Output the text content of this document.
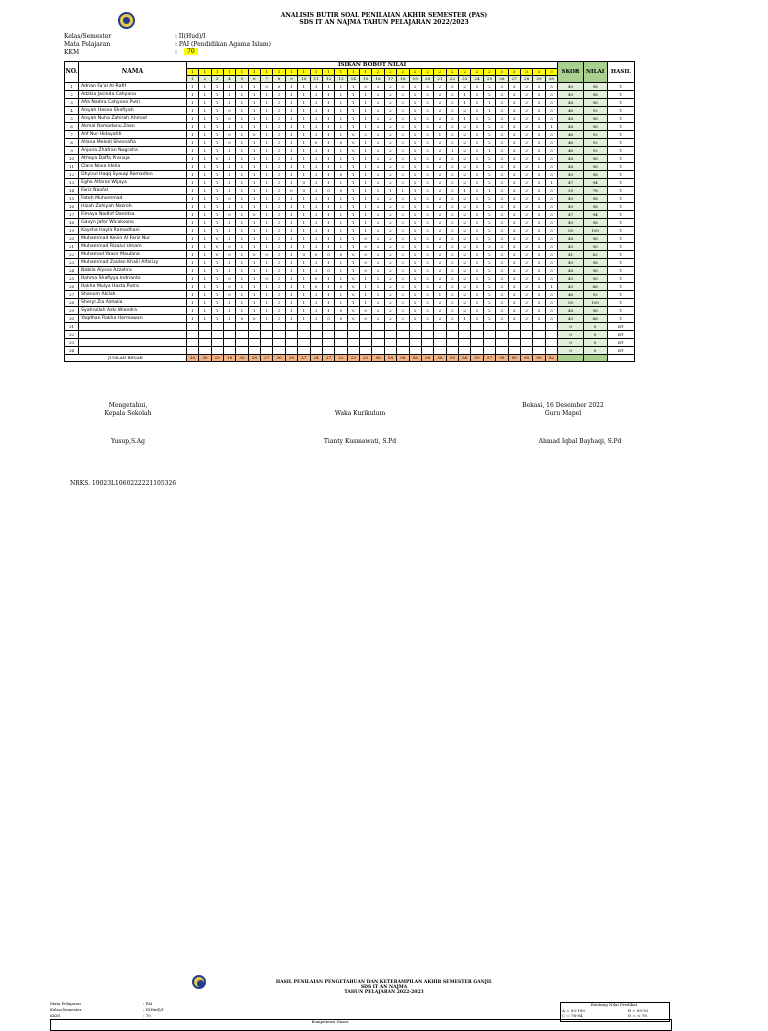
ANALISIS BUTIR SOAL PENILAIAN AKHIR SEMESTER (PAS)
SDS IT AN NAJMA TAHUN PELAJARAN 2022/2023
Kelas/Semester	: II(Hud)/I
Mata Pelajaran	: PAI (Pendidikan Agama Islam)
KKM	:	70
NO.	NAMA	ISIKAN BOBOT NILAI																														SKOR	NILAI	HASIL
		1	1	1	1	1	1	1	1	1	1	1	1	1	1	1	2	2	2	2	2	2	2	2	2	2	3	3	3	3	3			
		1	2	3	4	5	6	7	8	9	10	11	12	13	14	15	16	17	18	19	20	21	22	23	24	25	26	27	28	29	30			
1	Adrian Fa'al Ar-Rafif	1	1	1	1	1	1	0	0	1	1	1	1	1	1	0	2	2	2	2	2	2	2	2	2	2	3	3	3	3	3	49	98	T
2	Adzkia Jacinda Cahyana	1	1	1	1	1	1	1	1	1	1	1	1	1	1	1	2	2	2	2	2	2	2	1	2	2	3	3	3	3	3	49	98	T
3	Afia Nadira Cahyono Putri	1	1	1	1	1	1	1	1	1	1	1	1	1	1	1	2	2	2	2	2	2	2	1	1	1	3	3	3	3	3	48	96	T
4	Aisyah Hasna Shofiyah	1	1	1	0	1	1	1	1	1	1	1	1	1	1	1	2	2	2	2	2	2	2	2	1	1	3	3	3	3	3	46	92	T
5	Aisyah Nuha Zahirah Ahmad	1	1	1	0	1	1	1	1	1	1	1	1	1	1	1	2	2	2	2	2	2	2	1	2	2	3	3	3	3	3	48	96	T
6	Akmal Ramadanu Zaen	1	1	1	1	1	1	1	1	1	1	1	1	1	1	1	2	2	2	2	2	2	2	2	2	2	3	3	3	3	1	48	96	T
7	Alif Nur Hidayahti	1	1	1	0	1	0	1	1	1	1	1	1	1	0	2	2	2	2	2	2	1	2	2	2	2	3	3	3	3	3	46	92	T
8	Allana Melodi Shesnafia	1	1	1	0	1	1	1	1	1	1	0	1	0	0	1	2	2	2	2	2	2	2	2	2	2	3	3	3	3	3	46	92	T
9	Anjuna Zhafran Nugraha	1	1	1	1	1	1	1	1	1	1	1	1	1	0	1	2	2	2	2	2	2	1	2	2	1	3	3	3	3	3	46	92	T
10	Athaya Daffa Pranaja	1	1	0	1	1	1	1	1	1	1	1	1	1	1	1	2	2	2	2	2	2	2	2	2	2	3	3	3	3	3	48	96	T
11	Clara Nova Idelia	1	1	1	1	1	1	1	1	1	1	1	1	1	1	1	2	2	2	2	2	2	2	2	2	2	3	3	3	1	3	48	96	T
12	Dhyirul Haqq Syauqi Romadlon	1	1	1	1	1	1	1	1	1	1	1	1	0	1	1	2	2	2	2	2	2	2	2	2	2	3	3	3	3	3	49	98	T
13	Egha Alfarez Wijaya	1	1	1	1	1	1	1	1	1	0	1	1	1	1	1	2	2	2	2	2	2	2	2	2	2	3	3	3	3	1	47	94	T
14	Fariz Naufal	1	1	1	1	1	1	1	1	0	0	1	0	0	1	1	1	1	1	1	2	2	2	1	2	1	3	3	3	3	3	39	78	T
15	Fateh Muhammad	1	1	1	0	1	1	1	1	1	1	1	1	1	1	1	2	2	2	2	2	2	2	2	2	2	3	3	3	3	3	49	98	T
16	Hizah Zahiyah Nazroh	1	1	1	1	1	1	1	1	1	1	1	1	1	1	1	2	2	2	2	2	2	2	2	2	2	3	3	3	3	3	49	98	T
17	Fimaya Nadhif Damitsa	1	1	1	0	1	0	1	1	1	1	1	1	1	1	1	2	2	2	2	2	2	2	2	1	2	3	3	3	3	3	47	94	T
18	Gavyn Jafer Wicaksono	1	1	1	1	1	1	1	1	1	1	1	1	1	1	1	2	2	2	2	2	2	2	2	2	2	3	3	3	3	3	49	98	T
19	Kaysha Hayla Ramadhani	1	1	1	1	1	1	1	1	1	1	1	1	1	1	1	2	2	2	2	2	2	2	2	2	2	3	3	3	3	3	50	100	T
20	Muhammad Kevin Al Fariz Nur	1	1	0	1	1	1	1	1	1	1	1	1	1	1	0	2	2	2	2	2	2	2	2	2	2	3	3	3	3	3	48	96	T
21	Muhammad Rizalul Umam	1	1	0	0	1	1	1	1	1	1	1	1	1	1	0	2	2	2	2	2	2	2	2	1	3	3	3	3	3	3	45	90	T
22	Muhamad Yaasir Maulana	1	1	0	0	1	0	0	1	1	0	0	0	0	0	0	2	2	2	2	2	2	2	2	2	2	3	3	3	3	3	41	82	T
23	Muhammad Zaidan Khalil Alfarizy	1	1	1	1	1	1	1	1	1	1	1	1	1	1	0	2	2	2	2	2	2	2	2	2	2	3	3	3	3	3	49	98	T
24	Nabila Alyssa Azzahra	1	1	1	1	1	1	1	1	1	1	1	0	1	1	0	2	2	2	2	2	2	2	2	2	2	3	3	3	3	3	48	96	T
25	Rahma Shafiyya Indrianto	1	1	1	0	1	1	0	1	1	1	0	1	1	0	1	1	2	2	2	2	2	2	2	2	2	3	3	3	3	3	45	90	T
26	Rakha Mulya Hasta Putra	1	1	1	0	1	1	1	1	1	1	0	1	0	0	1	1	2	2	2	2	2	2	2	2	2	3	3	3	3	1	43	86	T
27	Shanum Akilah	1	1	1	0	1	1	1	1	1	1	1	1	1	0	1	1	2	2	2	2	1	2	2	2	2	3	3	3	3	3	46	92	T
28	Sheryl Zia Azhalia	1	1	1	1	1	1	1	1	1	1	1	1	1	1	1	2	2	2	2	2	2	2	2	2	2	3	3	3	3	3	50	100	T
29	Syahrullah Azki Wiandra	1	1	1	1	1	1	1	1	1	1	1	1	0	0	0	2	2	2	2	2	2	2	2	2	2	3	3	3	3	3	48	96	T
30	Yaqdhan Rakha Hermawan	1	1	1	1	0	0	1	1	1	1	1	0	0	0	0	2	2	2	2	2	2	2	1	2	2	3	3	3	3	3	43	86	T
31																																0	0	BT
32																																0	0	BT
33																																0	0	BT
34																																0	0	BT
JUMLAH BENAR		30	30	25	18	30	28	27	30	30	27	24	27	22	23	21	58	58	58	58	58	58	55	56	55	57	90	90	90	90	82			
Mengetahui,
Kepala Sekolah
Yusup,S.Ag
Waka Kurikulum
Tianty Kusmawati, S.Pd
Bekasi, 16 Desember 2022
Guru Mapel
Ahmad Iqbal Bayhaqi, S.Pd
NRKS. 19023L1060222221105326
HASIL PENILAIAN PENGETAHUAN DAN KETERAMPILAN AKHIR SEMESTER GANJIL
SDS IT AN NAJMA
TAHUN PELAJARAN 2022-2023
Mata Pelajaran	: PAI
Kelas/Semester	: II(Hud)/I
KKM	: 70
Rentang Nilai Predikat
A = 93-100	B = 85-92
C = 78-84	D = < 78
Kompetensi Dasar
